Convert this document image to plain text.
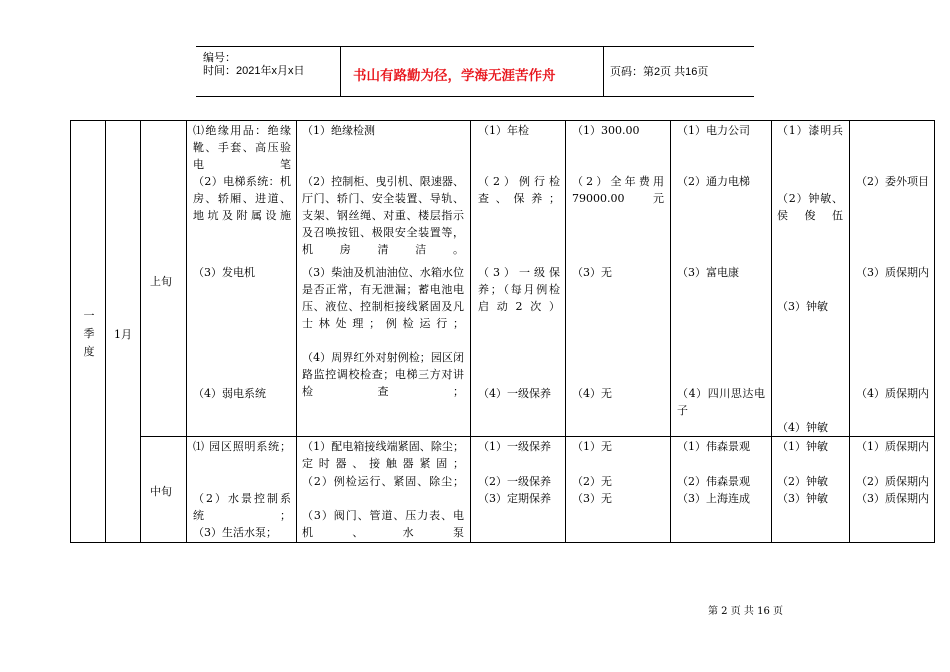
编号：
时间：2021年x月x日	书山有路勤为径，学海无涯苦作舟	页码：第2页 共16页
一季度
1月
上旬
中旬
⑴绝缘用品：绝缘靴、手套、高压验电笔
（2）电梯系统：机房、轿厢、进道、地坑及附属设施
（3）发电机
（4）弱电系统
（1）绝缘检测
（2）控制柜、曳引机、限速器、厅门、轿门、安全装置、导轨、支架、钢丝绳、对重、楼层指示及召唤按钮、极限安全装置等，机房清洁。
（3）柴油及机油油位、水箱水位是否正常，有无泄漏；蓄电池电压、液位、控制柜接线紧固及凡士林处理；例检运行；
（4）周界红外对射例检；园区闭路监控调校检查；电梯三方对讲检查；
（1）年检
（2）例行检查、保养；
（3）一级保养；（每月例检启动2次）
（4）一级保养
（1）300.00
（2）全年费用79000.00元
（3）无
（4）无
（1）电力公司
（2）通力电梯
（3）富电康
（4）四川思达电子
（1）漆明兵
（2）钟敏、侯俊伍
（3）钟敏
（4）钟敏
（2）委外项目
（3）质保期内
（4）质保期内
⑴ 园区照明系统；
（2）水景控制系统；
（3）生活水泵；
（1）配电箱接线端紧固、除尘；定时器、接触器紧固；
（2）例检运行、紧固、除尘；
（3）阀门、管道、压力表、电机、水泵
（1）一级保养
（2）一级保养
（3）定期保养
（1）无
（2）无
（3）无
（1）伟森景观
（2）伟森景观
（3）上海连成
（1）钟敏
（2）钟敏
（3）钟敏
（1）质保期内
（2）质保期内
（3）质保期内
第 2 页 共 16 页
